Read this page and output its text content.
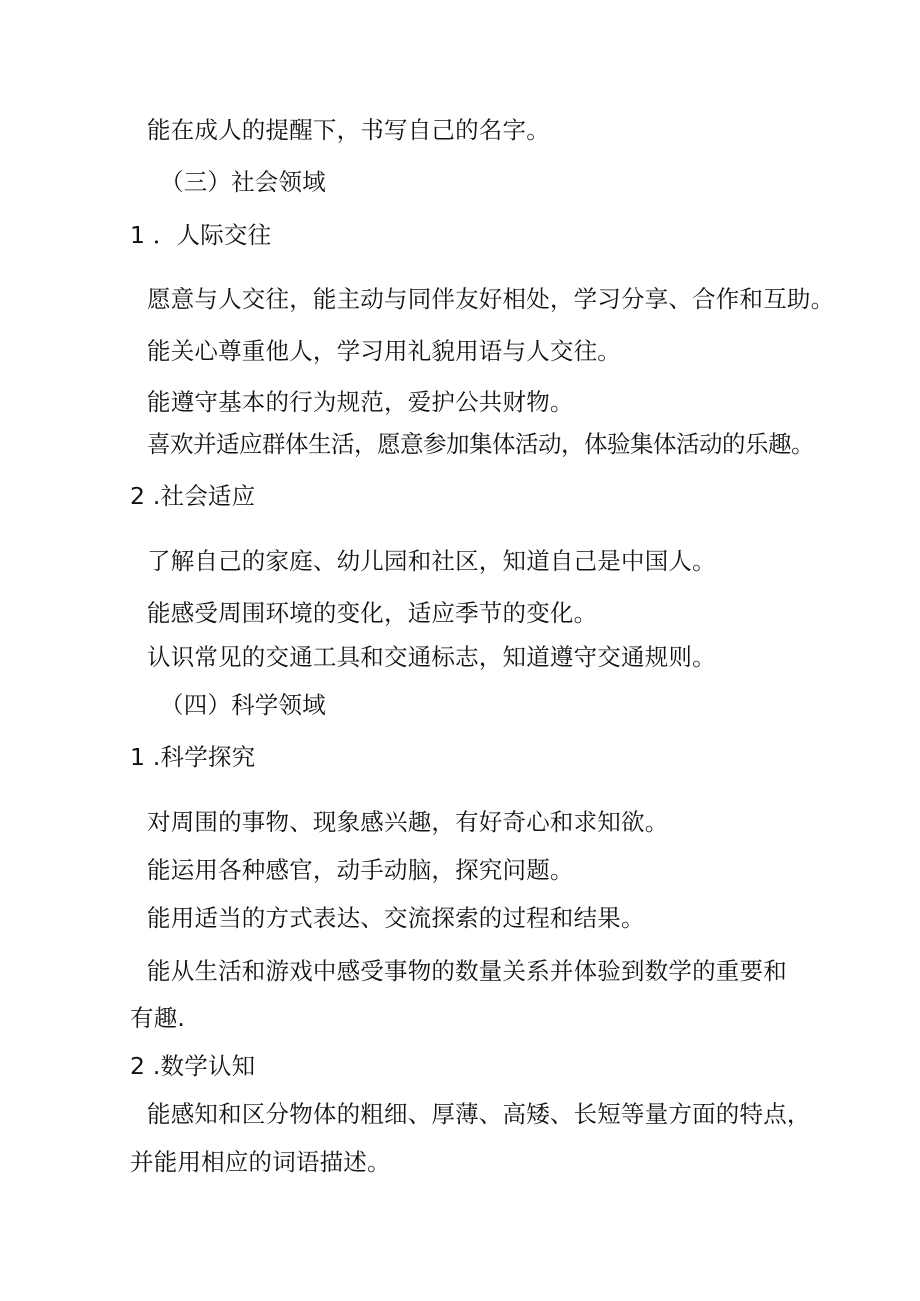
能在成人的提醒下，书写自己的名字。
（三）社会领域
1 ．人际交往
愿意与人交往，能主动与同伴友好相处，学习分享、合作和互助。
能关心尊重他人，学习用礼貌用语与人交往。
能遵守基本的行为规范，爱护公共财物。
喜欢并适应群体生活，愿意参加集体活动，体验集体活动的乐趣。
2 .社会适应
了解自己的家庭、幼儿园和社区，知道自己是中国人。
能感受周围环境的变化，适应季节的变化。
认识常见的交通工具和交通标志，知道遵守交通规则。
（四）科学领域
1 .科学探究
对周围的事物、现象感兴趣，有好奇心和求知欲。
能运用各种感官，动手动脑，探究问题。
能用适当的方式表达、交流探索的过程和结果。
能从生活和游戏中感受事物的数量关系并体验到数学的重要和
有趣.
2 .数学认知
能感知和区分物体的粗细、厚薄、高矮、长短等量方面的特点，
并能用相应的词语描述。
